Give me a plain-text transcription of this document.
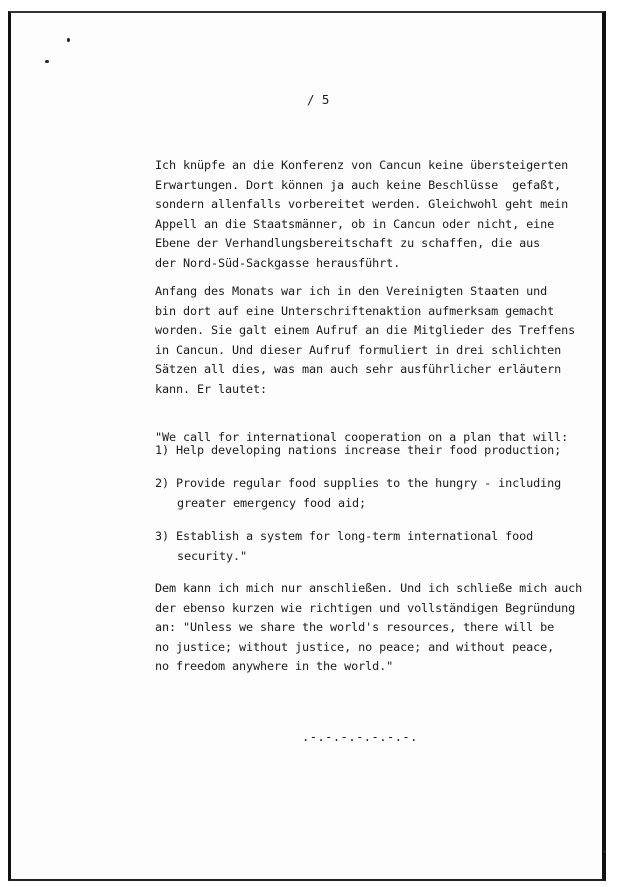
/ 5
Ich knüpfe an die Konferenz von Cancun keine übersteigerten
Erwartungen. Dort können ja auch keine Beschlüsse  gefaßt,
sondern allenfalls vorbereitet werden. Gleichwohl geht mein
Appell an die Staatsmänner, ob in Cancun oder nicht, eine
Ebene der Verhandlungsbereitschaft zu schaffen, die aus
der Nord-Süd-Sackgasse herausführt.
Anfang des Monats war ich in den Vereinigten Staaten und
bin dort auf eine Unterschriftenaktion aufmerksam gemacht
worden. Sie galt einem Aufruf an die Mitglieder des Treffens
in Cancun. Und dieser Aufruf formuliert in drei schlichten
Sätzen all dies, was man auch sehr ausführlicher erläutern
kann. Er lautet:
"We call for international cooperation on a plan that will:
1) Help developing nations increase their food production;
2) Provide regular food supplies to the hungry - including
greater emergency food aid;
3) Establish a system for long-term international food
security."
Dem kann ich mich nur anschließen. Und ich schließe mich auch
der ebenso kurzen wie richtigen und vollständigen Begründung
an: "Unless we share the world's resources, there will be
no justice; without justice, no peace; and without peace,
no freedom anywhere in the world."
.-.-.-.-.-.-.-.
